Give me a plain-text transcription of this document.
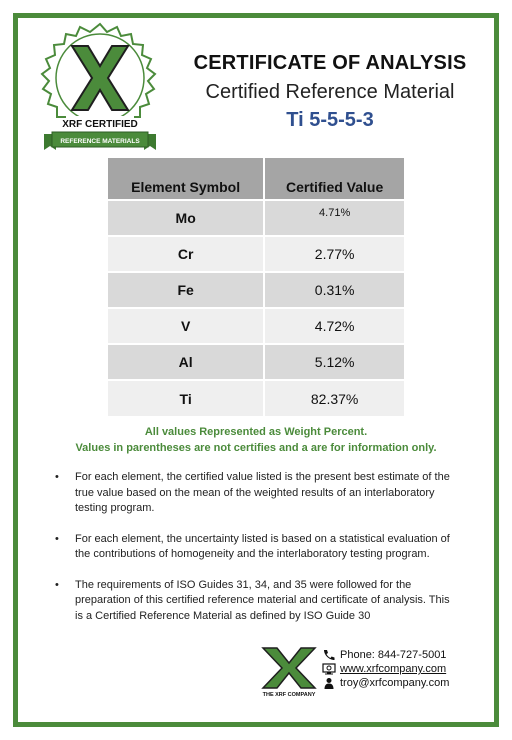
XRF CERTIFIED
REFERENCE MATERIALS
CERTIFICATE OF ANALYSIS
Certified Reference Material
Ti 5-5-5-3
Element Symbol	Certified Value
Mo	4.71%
Cr	2.77%
Fe	0.31%
V	4.72%
Al	5.12%
Ti	82.37%
All values Represented as Weight Percent.
Values in parentheses are not certifies and a are for information only.
•	For each element, the certified value listed is the present best estimate of the true value based on the mean of the weighted results of an interlaboratory testing program.
•	For each element, the uncertainty listed is based on a statistical evaluation of the contributions of homogeneity and the interlaboratory testing program.
•	The requirements of ISO Guides 31, 34, and 35 were followed for the preparation of this certified reference material and certificate of analysis. This is a Certified Reference Material as defined by ISO Guide 30
THE XRF COMPANY
Phone: 844-727-5001
www.xrfcompany.com
troy@xrfcompany.com
